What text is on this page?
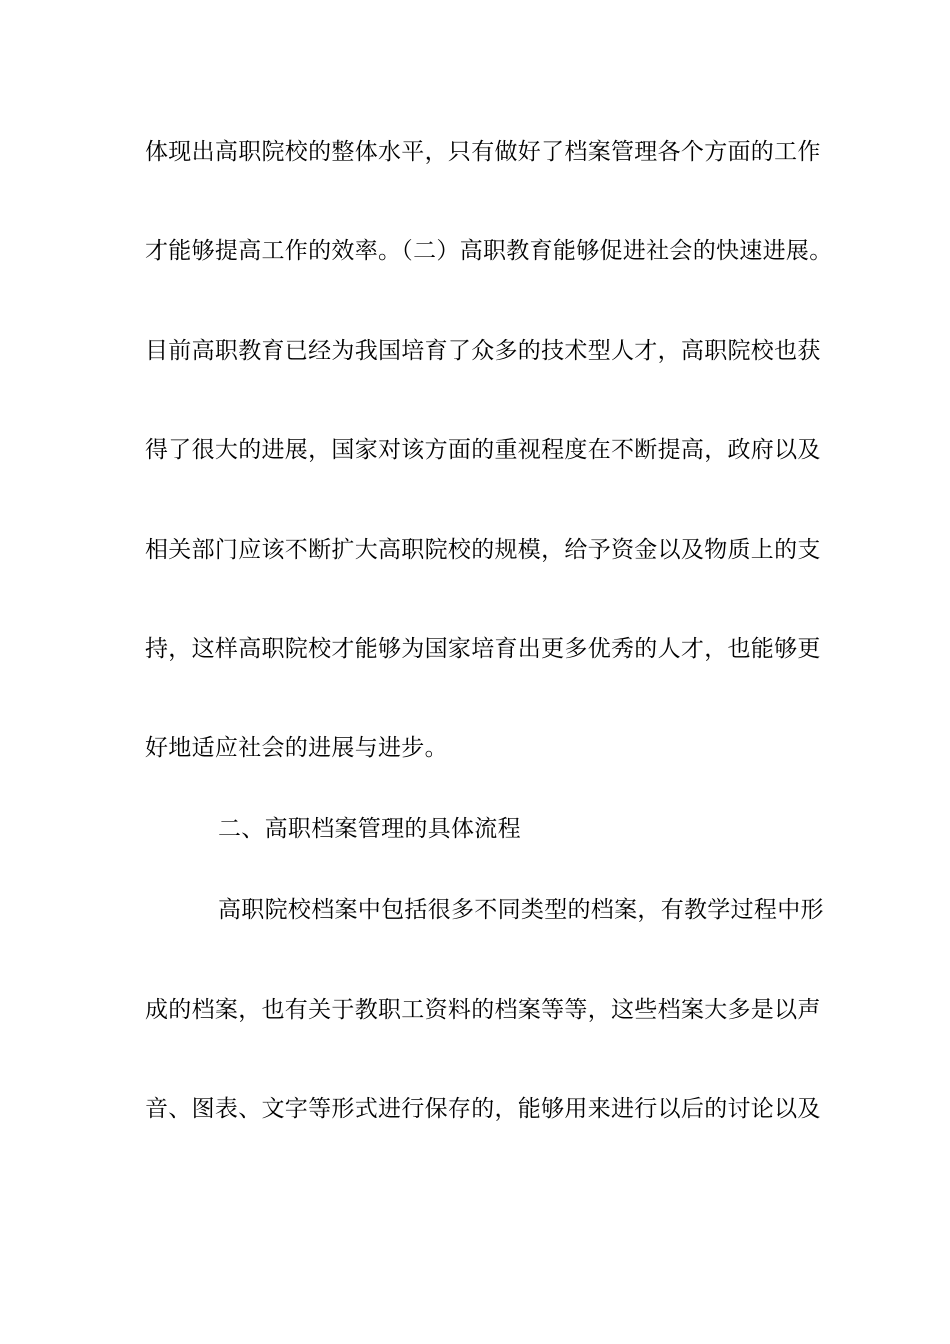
体现出高职院校的整体水平，只有做好了档案管理各个方面的工作
才能够提高工作的效率。（二）高职教育能够促进社会的快速进展。
目前高职教育已经为我国培育了众多的技术型人才，高职院校也获
得了很大的进展，国家对该方面的重视程度在不断提高，政府以及
相关部门应该不断扩大高职院校的规模，给予资金以及物质上的支
持，这样高职院校才能够为国家培育出更多优秀的人才，也能够更
好地适应社会的进展与进步。
二、高职档案管理的具体流程
高职院校档案中包括很多不同类型的档案，有教学过程中形
成的档案，也有关于教职工资料的档案等等，这些档案大多是以声
音、图表、文字等形式进行保存的，能够用来进行以后的讨论以及
